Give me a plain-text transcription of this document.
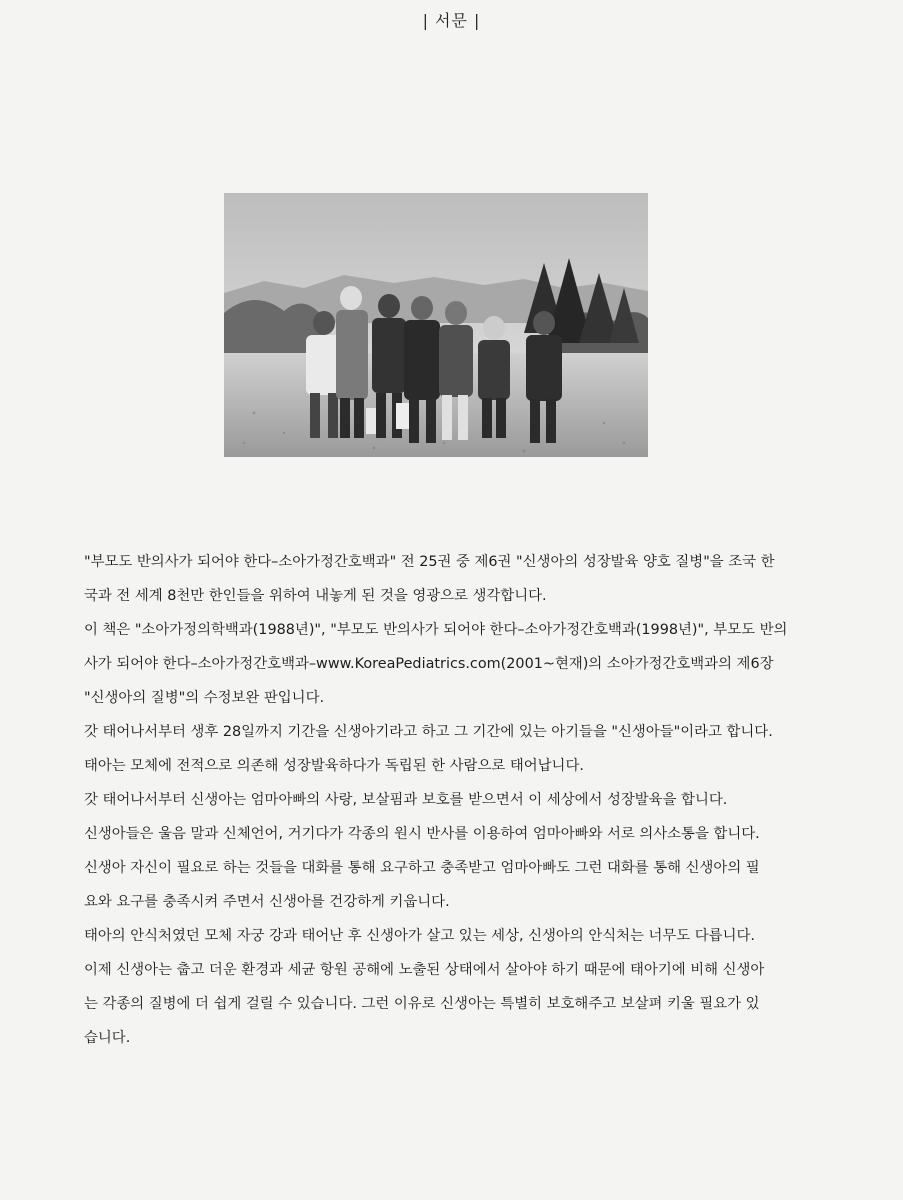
| 서문 |

"부모도 반의사가 되어야 한다–소아가정간호백과" 전 25권 중 제6권 "신생아의 성장발육 양호 질병"을 조국 한

국과 전 세계 8천만 한인들을 위하여 내놓게 된 것을 영광으로 생각합니다.

이 책은 "소아가정의학백과(1988년)", "부모도 반의사가 되어야 한다–소아가정간호백과(1998년)", 부모도 반의

사가 되어야 한다–소아가정간호백과–www.KoreaPediatrics.com(2001~현재)의 소아가정간호백과의 제6장

"신생아의 질병"의 수정보완 판입니다.

갓 태어나서부터 생후 28일까지 기간을 신생아기라고 하고 그 기간에 있는 아기들을 "신생아들"이라고 합니다.

태아는 모체에 전적으로 의존해 성장발육하다가 독립된 한 사람으로 태어납니다.

갓 태어나서부터 신생아는 엄마아빠의 사랑, 보살핌과 보호를 받으면서 이 세상에서 성장발육을 합니다.

신생아들은 울음 말과 신체언어, 거기다가 각종의 원시 반사를 이용하여 엄마아빠와 서로 의사소통을 합니다.

신생아 자신이 필요로 하는 것들을 대화를 통해 요구하고 충족받고 엄마아빠도 그런 대화를 통해 신생아의 필

요와 요구를 충족시켜 주면서 신생아를 건강하게 키웁니다.

태아의 안식처였던 모체 자궁 강과 태어난 후 신생아가 살고 있는 세상, 신생아의 안식처는 너무도 다릅니다.

이제 신생아는 춥고 더운 환경과 세균 항원 공해에 노출된 상태에서 살아야 하기 때문에 태아기에 비해 신생아

는 각종의 질병에 더 쉽게 걸릴 수 있습니다. 그런 이유로 신생아는 특별히 보호해주고 보살펴 키울 필요가 있

습니다.
